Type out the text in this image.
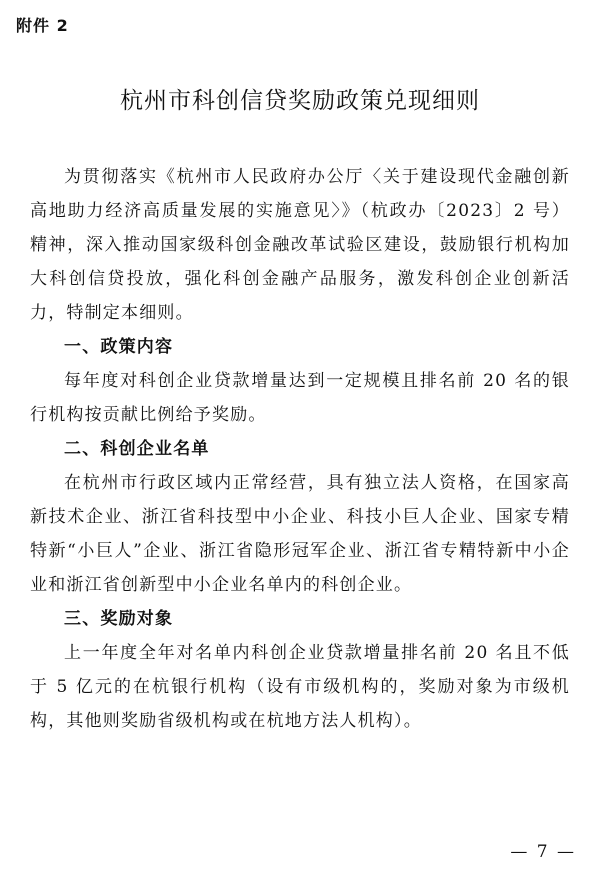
附件 2
杭州市科创信贷奖励政策兑现细则

为贯彻落实《杭州市人民政府办公厅〈关于建设现代金融创新高地助力经济高质量发展的实施意见〉》（杭政办〔2023〕2 号）精神，深入推动国家级科创金融改革试验区建设，鼓励银行机构加大科创信贷投放，强化科创金融产品服务，激发科创企业创新活力，特制定本细则。

一、政策内容

每年度对科创企业贷款增量达到一定规模且排名前 20 名的银行机构按贡献比例给予奖励。

二、科创企业名单

在杭州市行政区域内正常经营，具有独立法人资格，在国家高新技术企业、浙江省科技型中小企业、科技小巨人企业、国家专精特新“小巨人”企业、浙江省隐形冠军企业、浙江省专精特新中小企业和浙江省创新型中小企业名单内的科创企业。

三、奖励对象

上一年度全年对名单内科创企业贷款增量排名前 20 名且不低于 5 亿元的在杭银行机构（设有市级机构的，奖励对象为市级机构，其他则奖励省级机构或在杭地方法人机构）。

— 7 —
